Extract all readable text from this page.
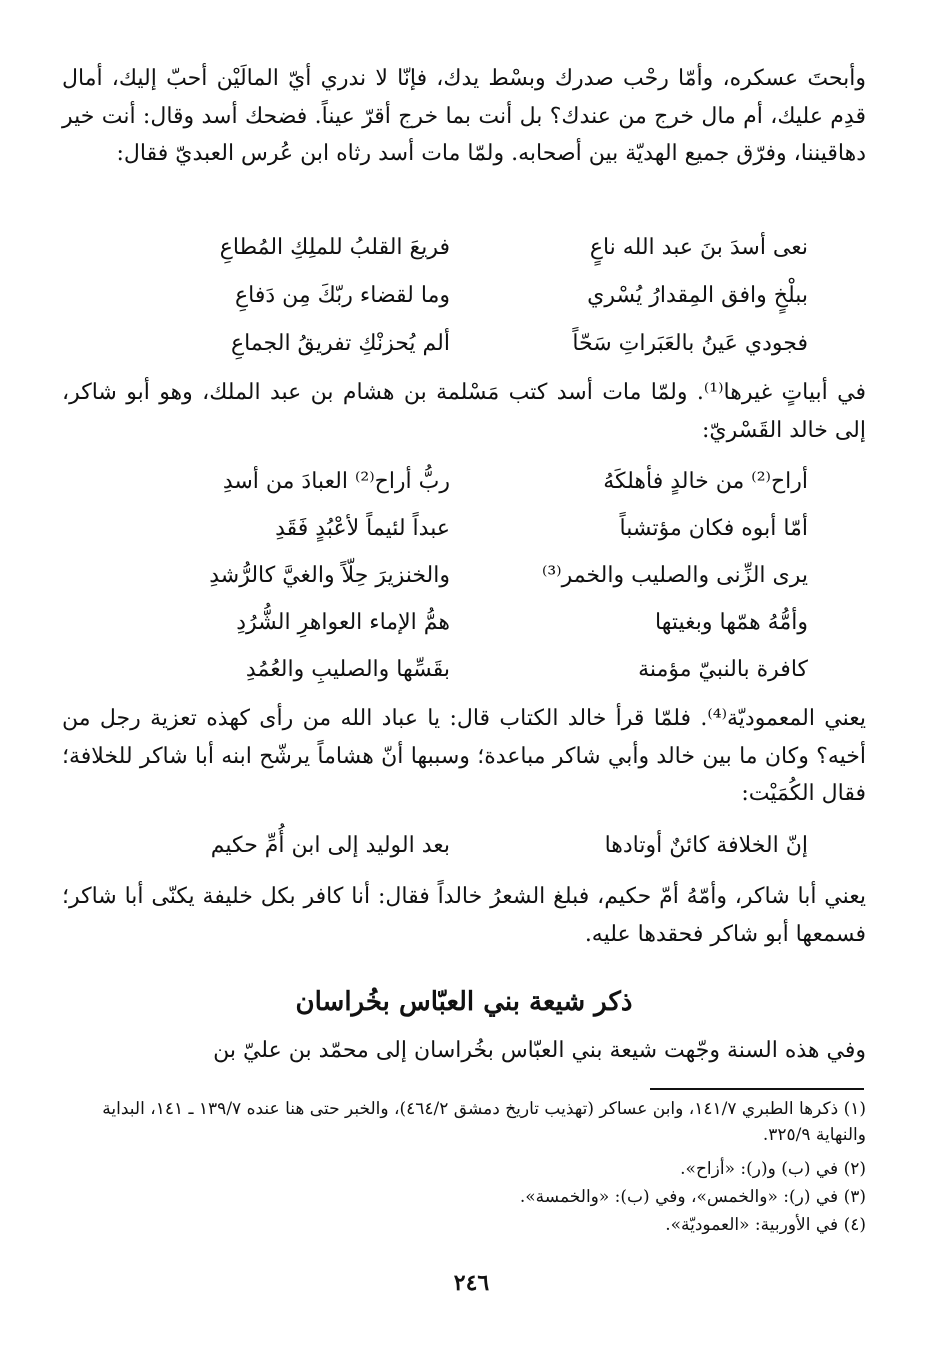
وأبحتَ عسكره، وأمّا رحْب صدرك وبسْط يدك، فإنّا لا ندري أيّ المالَيْن أحبّ إليك، أمال قدِم عليك، أم مال خرج من عندك؟ بل أنت بما خرج أقرّ عيناً. فضحك أسد وقال: أنت خير دهاقيننا، وفرّق جميع الهديّة بين أصحابه. ولمّا مات أسد رثاه ابن عُرس العبديّ فقال:

نعى أسدَ بنَ عبد الله ناعٍ
فريعَ القلبُ للملِكِ المُطاعِ
ببلْخٍ وافق المِقدارُ يُسْري
وما لقضاء ربّكَ مِن دَفاعِ
فجودي عَينُ بالعَبَراتِ سَحّاً
ألم يُحزنْكِ تفريقُ الجماعِ

في أبياتٍ غيرها⁽¹⁾. ولمّا مات أسد كتب مَسْلمة بن هشام بن عبد الملك، وهو أبو شاكر، إلى خالد القَسْريّ:

أراح⁽²⁾ من خالدٍ فأهلكَهُ
ربُّ أراح⁽²⁾ العبادَ من أسدِ
أمّا أبوه فكان مؤتشباً
عبداً لئيماً لأعْبُدٍ فَقَدِ
يرى الزِّنى والصليب والخمر⁽³⁾
والخنزيرَ حِلّاً والغيَّ كالرُّشدِ
وأمُّهُ همّها وبغيتها
همُّ الإماء العواهرِ الشُّرُدِ
كافرة بالنبيّ مؤمنة
بقَسِّها والصليبِ والعُمُدِ

يعني المعموديّة⁽⁴⁾. فلمّا قرأ خالد الكتاب قال: يا عباد الله من رأى كهذه تعزية رجل من أخيه؟ وكان ما بين خالد وأبي شاكر مباعدة؛ وسببها أنّ هشاماً يرشّح ابنه أبا شاكر للخلافة؛ فقال الكُمَيْت:

إنّ الخلافة كائنٌ أوتادها
بعد الوليد إلى ابن أُمِّ حكيم

يعني أبا شاكر، وأمّهُ أمّ حكيم، فبلغ الشعرُ خالداً فقال: أنا كافر بكل خليفة يكنّى أبا شاكر؛ فسمعها أبو شاكر فحقدها عليه.

ذكر شيعة بني العبّاس بخُراسان

وفي هذه السنة وجّهت شيعة بني العبّاس بخُراسان إلى محمّد بن عليّ بن

(١) ذكرها الطبري ١٤١/٧، وابن عساكر (تهذيب تاريخ دمشق ٤٦٤/٢)، والخبر حتى هنا عنده ١٣٩/٧ ـ ١٤١، البداية والنهاية ٣٢٥/٩.

(٢) في (ب) و(ر): «أزاح».

(٣) في (ر): «والخمس»، وفي (ب): «والخمسة».

(٤) في الأوربية: «العموديّة».

٢٤٦
